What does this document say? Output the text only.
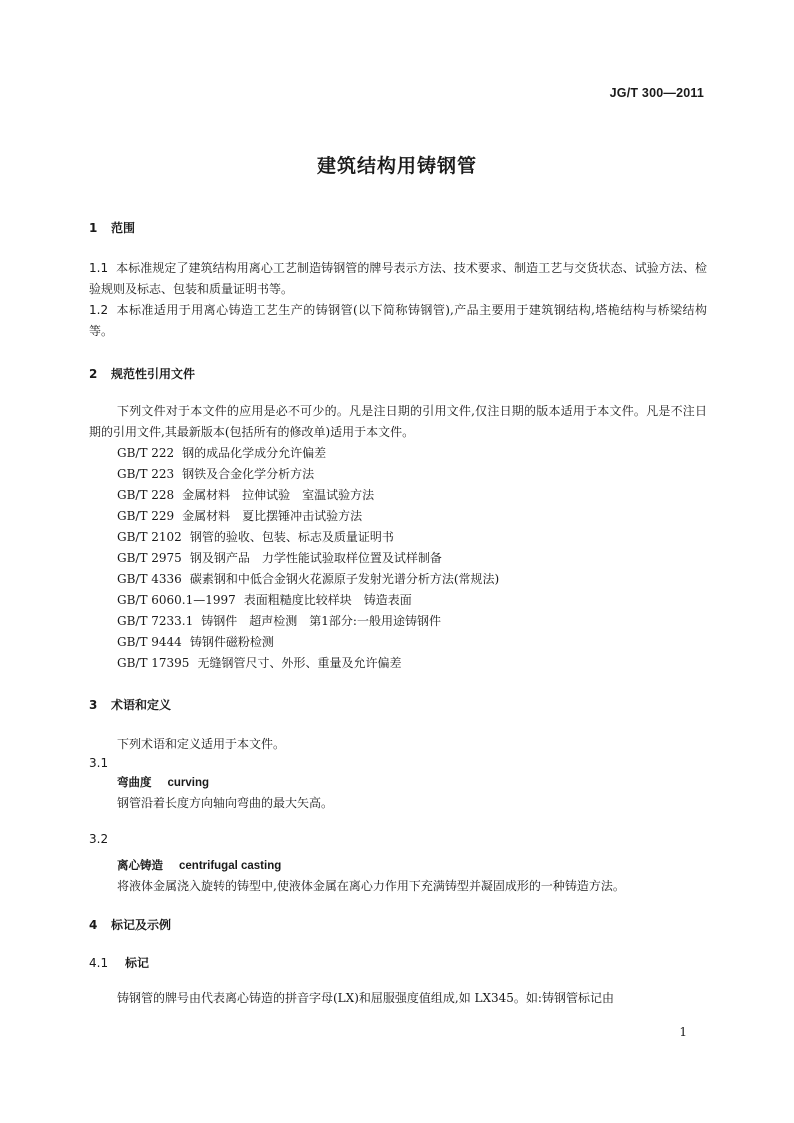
JG/T 300—2011
建筑结构用铸钢管
1 范围
1.1 本标准规定了建筑结构用离心工艺制造铸钢管的牌号表示方法、技术要求、制造工艺与交货状态、试验方法、检验规则及标志、包装和质量证明书等。
1.2 本标准适用于用离心铸造工艺生产的铸钢管(以下简称铸钢管),产品主要用于建筑钢结构,塔桅结构与桥梁结构等。
2 规范性引用文件
下列文件对于本文件的应用是必不可少的。凡是注日期的引用文件,仅注日期的版本适用于本文件。凡是不注日期的引用文件,其最新版本(包括所有的修改单)适用于本文件。
GB/T 222 钢的成品化学成分允许偏差
GB/T 223 钢铁及合金化学分析方法
GB/T 228 金属材料　拉伸试验　室温试验方法
GB/T 229 金属材料　夏比摆锤冲击试验方法
GB/T 2102 钢管的验收、包装、标志及质量证明书
GB/T 2975 钢及钢产品　力学性能试验取样位置及试样制备
GB/T 4336 碳素钢和中低合金钢火花源原子发射光谱分析方法(常规法)
GB/T 6060.1—1997 表面粗糙度比较样块　铸造表面
GB/T 7233.1 铸钢件　超声检测　第1部分:一般用途铸钢件
GB/T 9444 铸钢件磁粉检测
GB/T 17395 无缝钢管尺寸、外形、重量及允许偏差
3 术语和定义
下列术语和定义适用于本文件。
3.1
弯曲度 curving
钢管沿着长度方向轴向弯曲的最大矢高。
3.2
离心铸造 centrifugal casting
将液体金属浇入旋转的铸型中,使液体金属在离心力作用下充满铸型并凝固成形的一种铸造方法。
4 标记及示例
4.1 标记
铸钢管的牌号由代表离心铸造的拼音字母(LX)和屈服强度值组成,如 LX345。如:铸钢管标记由
1
